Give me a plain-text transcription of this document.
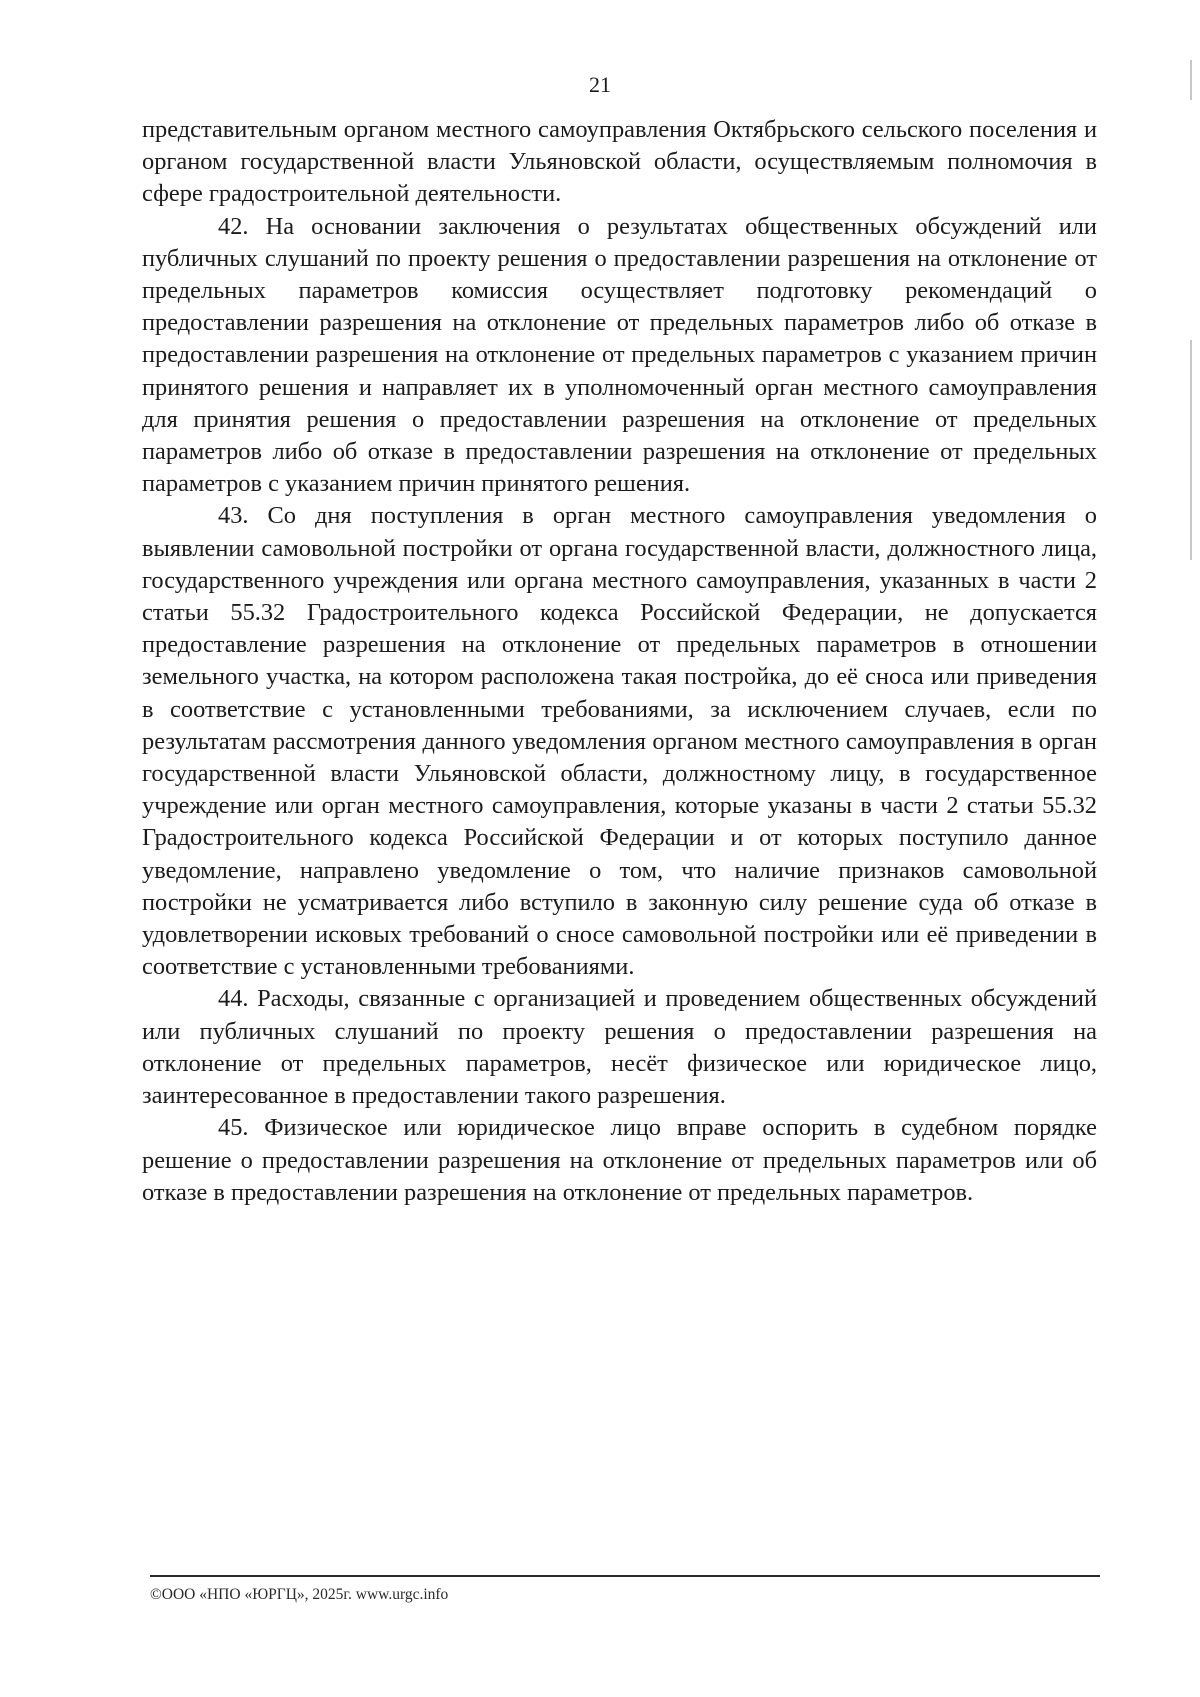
21

представительным органом местного самоуправления Октябрьского сельского поселения и органом государственной власти Ульяновской области, осуществляемым полномочия в сфере градостроительной деятельности.

42. На основании заключения о результатах общественных обсуждений или публичных слушаний по проекту решения о предоставлении разрешения на отклонение от предельных параметров комиссия осуществляет подготовку рекомендаций о предоставлении разрешения на отклонение от предельных параметров либо об отказе в предоставлении разрешения на отклонение от предельных параметров с указанием причин принятого решения и направляет их в уполномоченный орган местного самоуправления для принятия решения о предоставлении разрешения на отклонение от предельных параметров либо об отказе в предоставлении разрешения на отклонение от предельных параметров с указанием причин принятого решения.

43. Со дня поступления в орган местного самоуправления уведомления о выявлении самовольной постройки от органа государственной власти, должностного лица, государственного учреждения или органа местного самоуправления, указанных в части 2 статьи 55.32 Градостроительного кодекса Российской Федерации, не допускается предоставление разрешения на отклонение от предельных параметров в отношении земельного участка, на котором расположена такая постройка, до её сноса или приведения в соответствие с установленными требованиями, за исключением случаев, если по результатам рассмотрения данного уведомления органом местного самоуправления в орган государственной власти Ульяновской области, должностному лицу, в государственное учреждение или орган местного самоуправления, которые указаны в части 2 статьи 55.32 Градостроительного кодекса Российской Федерации и от которых поступило данное уведомление, направлено уведомление о том, что наличие признаков самовольной постройки не усматривается либо вступило в законную силу решение суда об отказе в удовлетворении исковых требований о сносе самовольной постройки или её приведении в соответствие с установленными требованиями.

44. Расходы, связанные с организацией и проведением общественных обсуждений или публичных слушаний по проекту решения о предоставлении разрешения на отклонение от предельных параметров, несёт физическое или юридическое лицо, заинтересованное в предоставлении такого разрешения.

45. Физическое или юридическое лицо вправе оспорить в судебном порядке решение о предоставлении разрешения на отклонение от предельных параметров или об отказе в предоставлении разрешения на отклонение от предельных параметров.

©ООО «НПО «ЮРГЦ», 2025г. www.urgc.info
